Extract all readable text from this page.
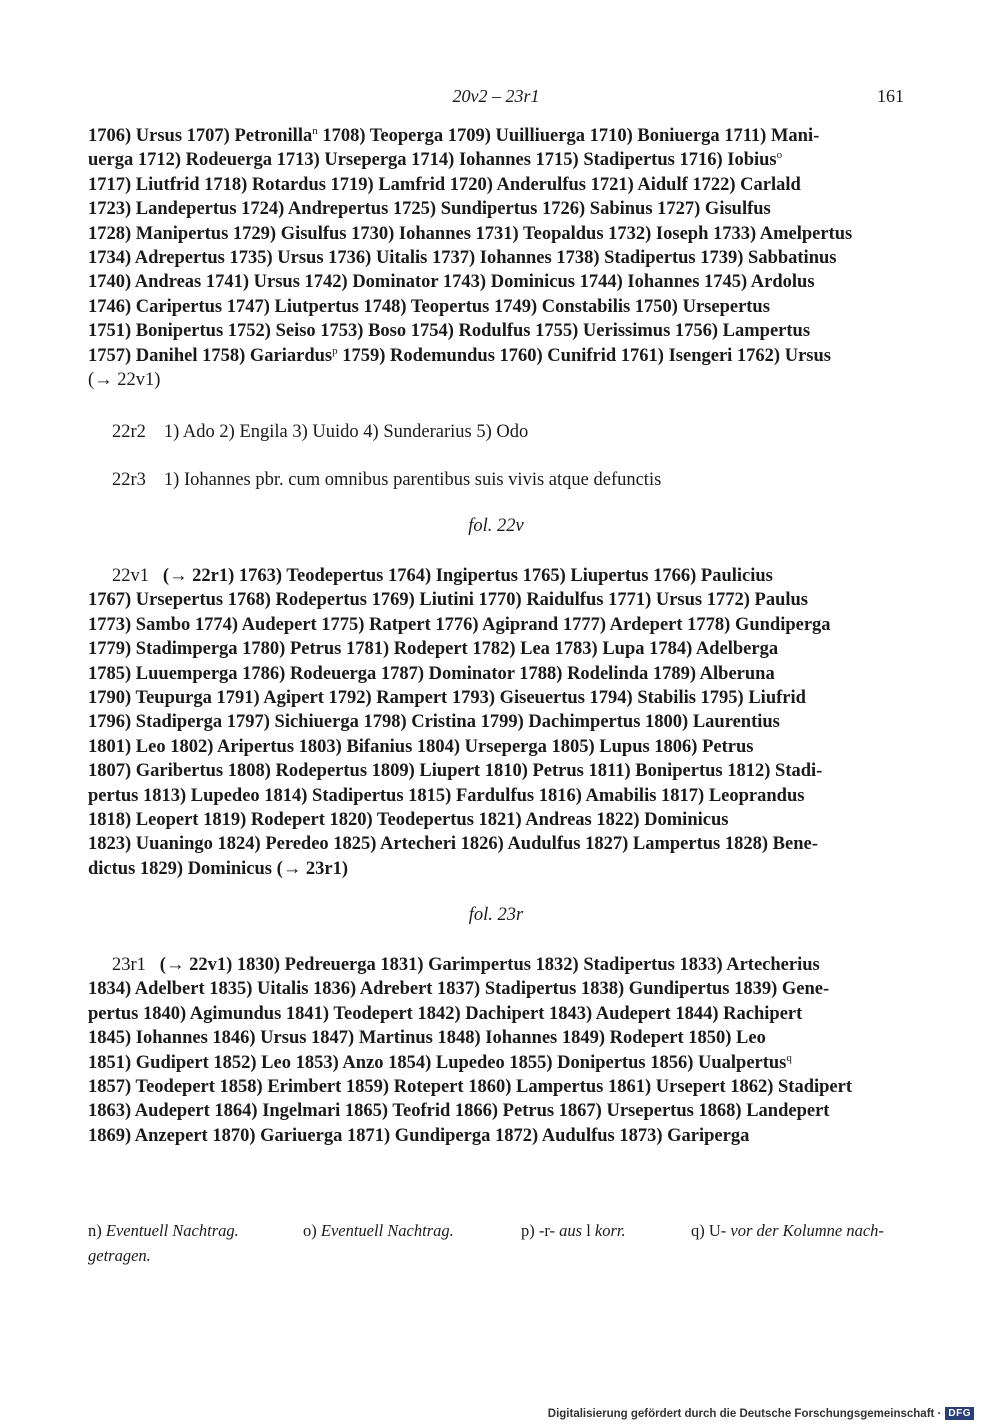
20v2 – 23r1	161
1706) Ursus 1707) Petronilla$^n$ 1708) Teoperga 1709) Uuilliuerga 1710) Boniuerga 1711) Mani-
uerga 1712) Rodeuerga 1713) Urseperga 1714) Iohannes 1715) Stadipertus 1716) Iobius$^o$
1717) Liutfrid 1718) Rotardus 1719) Lamfrid 1720) Anderulfus 1721) Aidulf 1722) Carlald
1723) Landepertus 1724) Andrepertus 1725) Sundipertus 1726) Sabinus 1727) Gisulfus
1728) Manipertus 1729) Gisulfus 1730) Iohannes 1731) Teopaldus 1732) Ioseph 1733) Amelpertus
1734) Adrepertus 1735) Ursus 1736) Uitalis 1737) Iohannes 1738) Stadipertus 1739) Sabbatinus
1740) Andreas 1741) Ursus 1742) Dominator 1743) Dominicus 1744) Iohannes 1745) Ardolus
1746) Caripertus 1747) Liutpertus 1748) Teopertus 1749) Constabilis 1750) Ursepertus
1751) Bonipertus 1752) Seiso 1753) Boso 1754) Rodulfus 1755) Uerissimus 1756) Lampertus
1757) Danihel 1758) Gariardus$^p$ 1759) Rodemundus 1760) Cunifrid 1761) Isengeri 1762) Ursus
(→ 22v1)
22r2 1) Ado 2) Engila 3) Uuido 4) Sunderarius 5) Odo
22r3 1) Iohannes pbr. cum omnibus parentibus suis vivis atque defunctis
fol. 22v
22v1 (→ 22r1) 1763) Teodepertus 1764) Ingipertus 1765) Liupertus 1766) Paulicius
1767) Ursepertus 1768) Rodepertus 1769) Liutini 1770) Raidulfus 1771) Ursus 1772) Paulus
1773) Sambo 1774) Audepert 1775) Ratpert 1776) Agiprand 1777) Ardepert 1778) Gundiperga
1779) Stadimperga 1780) Petrus 1781) Rodepert 1782) Lea 1783) Lupa 1784) Adelberga
1785) Luuemperga 1786) Rodeuerga 1787) Dominator 1788) Rodelinda 1789) Alberuna
1790) Teupurga 1791) Agipert 1792) Rampert 1793) Giseuertus 1794) Stabilis 1795) Liufrid
1796) Stadiperga 1797) Sichiuerga 1798) Cristina 1799) Dachimpertus 1800) Laurentius
1801) Leo 1802) Aripertus 1803) Bifanius 1804) Urseperga 1805) Lupus 1806) Petrus
1807) Garibertus 1808) Rodepertus 1809) Liupert 1810) Petrus 1811) Bonipertus 1812) Stadi-
pertus 1813) Lupedeo 1814) Stadipertus 1815) Fardulfus 1816) Amabilis 1817) Leoprandus
1818) Leopert 1819) Rodepert 1820) Teodepertus 1821) Andreas 1822) Dominicus
1823) Uuaningo 1824) Peredeo 1825) Artecheri 1826) Audulfus 1827) Lampertus 1828) Bene-
dictus 1829) Dominicus (→ 23r1)
fol. 23r
23r1 (→ 22v1) 1830) Pedreuerga 1831) Garimpertus 1832) Stadipertus 1833) Artecherius
1834) Adelbert 1835) Uitalis 1836) Adrebert 1837) Stadipertus 1838) Gundipertus 1839) Gene-
pertus 1840) Agimundus 1841) Teodepert 1842) Dachipert 1843) Audepert 1844) Rachipert
1845) Iohannes 1846) Ursus 1847) Martinus 1848) Iohannes 1849) Rodepert 1850) Leo
1851) Gudipert 1852) Leo 1853) Anzo 1854) Lupedeo 1855) Donipertus 1856) Uualpertus$^q$
1857) Teodepert 1858) Erimbert 1859) Rotepert 1860) Lampertus 1861) Ursepert 1862) Stadipert
1863) Audepert 1864) Ingelmari 1865) Teofrid 1866) Petrus 1867) Ursepertus 1868) Landepert
1869) Anzepert 1870) Gariuerga 1871) Gundiperga 1872) Audulfus 1873) Gariperga
n) Eventuell Nachtrag.	o) Eventuell Nachtrag.	p) -r- aus l korr.	q) U- vor der Kolumne nach-
getragen.
Digitalisierung gefördert durch die Deutsche Forschungsgemeinschaft · DFG
